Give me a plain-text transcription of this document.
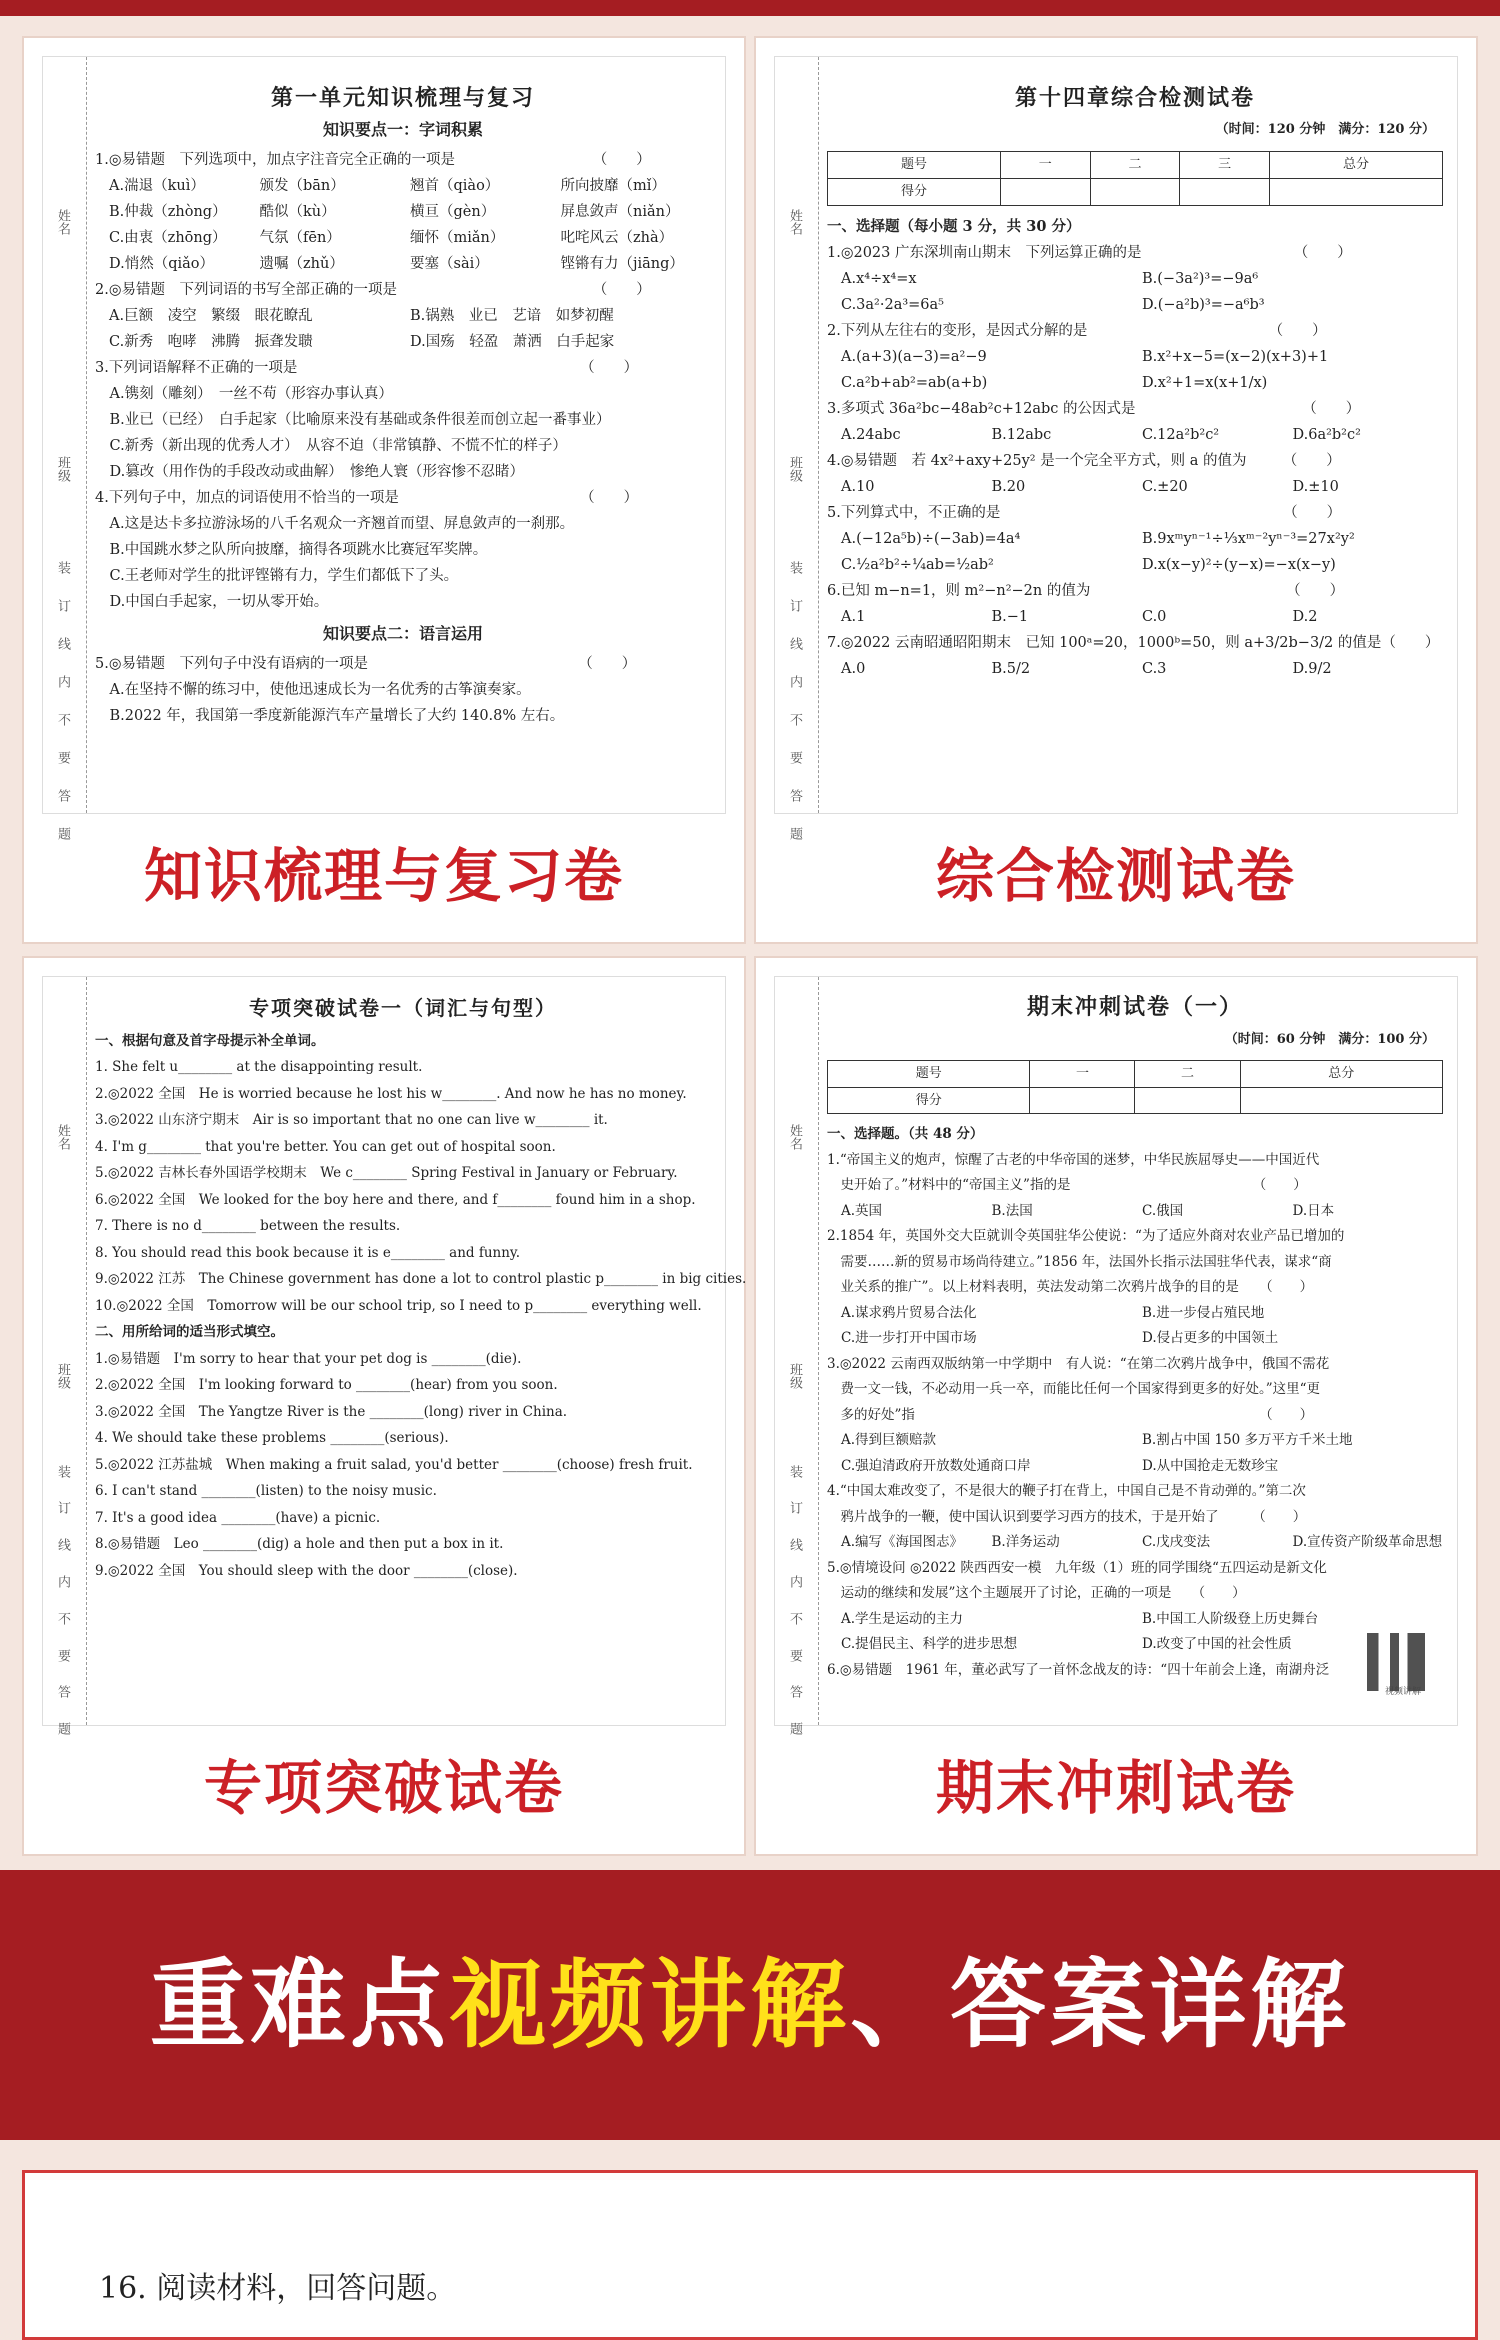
姓名
班级
装
订
线
内
不
要
答
题
第一单元知识梳理与复习
知识要点一：字词积累
1.◎易错题　下列选项中，加点字注音完全正确的一项是　　　　　　　　　　（　　）
A.湍退（kuì）	颁发（bān）	翘首（qiào）	所向披靡（mǐ）
B.仲裁（zhòng）	酷似（kù）	横亘（gèn）	屏息敛声（niǎn）
C.由衷（zhōng）	气氛（fēn）	缅怀（miǎn）	叱咤风云（zhà）
D.悄然（qiǎo）	遗嘱（zhǔ）	要塞（sài）	铿锵有力（jiāng）
2.◎易错题　下列词语的书写全部正确的一项是　　　　　　　　　　　　　　（　　）
A.巨额　凌空　繁缀　眼花瞭乱	B.锅熟　业已　艺谙　如梦初醒
C.新秀　咆哮　沸腾　振聋发聩	D.国殇　轻盈　萧洒　白手起家
3.下列词语解释不正确的一项是　　　　　　　　　　　　　　　　　　　　（　　）
　A.镌刻（雕刻）　一丝不苟（形容办事认真）
　B.业已（已经）　白手起家（比喻原来没有基础或条件很差而创立起一番事业）
　C.新秀（新出现的优秀人才）　从容不迫（非常镇静、不慌不忙的样子）
　D.篡改（用作伪的手段改动或曲解）　惨绝人寰（形容惨不忍睹）
4.下列句子中，加点的词语使用不恰当的一项是　　　　　　　　　　　　　（　　）
　A.这是达卡多拉游泳场的八千名观众一齐翘首而望、屏息敛声的一刹那。
　B.中国跳水梦之队所向披靡，摘得各项跳水比赛冠军奖牌。
　C.王老师对学生的批评铿锵有力，学生们都低下了头。
　D.中国白手起家，一切从零开始。
知识要点二：语言运用
5.◎易错题　下列句子中没有语病的一项是　　　　　　　　　　　　　　　（　　）
　A.在坚持不懈的练习中，使他迅速成长为一名优秀的古筝演奏家。
　B.2022 年，我国第一季度新能源汽车产量增长了大约 140.8% 左右。
知识梳理与复习卷
姓名
班级
装
订
线
内
不
要
答
题
第十四章综合检测试卷
（时间：120 分钟　满分：120 分）
题号	一	二	三	总分
得分				
一、选择题（每小题 3 分，共 30 分）
1.◎2023 广东深圳南山期末　下列运算正确的是　　　　　　　　　　　（　　）
A.x⁴÷x⁴=x	B.(−3a²)³=−9a⁶
C.3a²·2a³=6a⁵	D.(−a²b)³=−a⁶b³
2.下列从左往右的变形，是因式分解的是　　　　　　　　　　　　　（　　）
A.(a+3)(a−3)=a²−9	B.x²+x−5=(x−2)(x+3)+1
C.a²b+ab²=ab(a+b)	D.x²+1=x(x+1/x)
3.多项式 36a²bc−48ab²c+12abc 的公因式是　　　　　　　　　　　　（　　）
A.24abc	B.12abc	C.12a²b²c²	D.6a²b²c²
4.◎易错题　若 4x²+axy+25y² 是一个完全平方式，则 a 的值为　　　（　　）
A.10	B.20	C.±20	D.±10
5.下列算式中，不正确的是　　　　　　　　　　　　　　　　　　　　（　　）
A.(−12a⁵b)÷(−3ab)=4a⁴	B.9xᵐyⁿ⁻¹÷⅓xᵐ⁻²yⁿ⁻³=27x²y²
C.½a²b²÷¼ab=½ab²	D.x(x−y)²÷(y−x)=−x(x−y)
6.已知 m−n=1，则 m²−n²−2n 的值为　　　　　　　　　　　　　　（　　）
A.1	B.−1	C.0	D.2
7.◎2022 云南昭通昭阳期末　已知 100ᵃ=20，1000ᵇ=50，则 a+3/2b−3/2 的值是（　　）
A.0	B.5/2	C.3	D.9/2
综合检测试卷
姓名
班级
装
订
线
内
不
要
答
题
专项突破试卷一（词汇与句型）
一、根据句意及首字母提示补全单词。
1. She felt u________ at the disappointing result.
2.◎2022 全国　He is worried because he lost his w________. And now he has no money.
3.◎2022 山东济宁期末　Air is so important that no one can live w________ it.
4. I'm g________ that you're better. You can get out of hospital soon.
5.◎2022 吉林长春外国语学校期末　We c________ Spring Festival in January or February.
6.◎2022 全国　We looked for the boy here and there, and f________ found him in a shop.
7. There is no d________ between the results.
8. You should read this book because it is e________ and funny.
9.◎2022 江苏　The Chinese government has done a lot to control plastic p________ in big cities.
10.◎2022 全国　Tomorrow will be our school trip, so I need to p________ everything well.
二、用所给词的适当形式填空。
1.◎易错题　I'm sorry to hear that your pet dog is ________(die).
2.◎2022 全国　I'm looking forward to ________(hear) from you soon.
3.◎2022 全国　The Yangtze River is the ________(long) river in China.
4. We should take these problems ________(serious).
5.◎2022 江苏盐城　When making a fruit salad, you'd better ________(choose) fresh fruit.
6. I can't stand ________(listen) to the noisy music.
7. It's a good idea ________(have) a picnic.
8.◎易错题　Leo ________(dig) a hole and then put a box in it.
9.◎2022 全国　You should sleep with the door ________(close).
专项突破试卷
姓名
班级
装
订
线
内
不
要
答
题
期末冲刺试卷（一）
（时间：60 分钟　满分：100 分）
题号	一	二	总分
得分			
一、选择题。（共 48 分）
1.“帝国主义的炮声，惊醒了古老的中华帝国的迷梦，中华民族屈辱史——中国近代
　史开始了。”材料中的“帝国主义”指的是　　　　　　　　　　　　　　（　　）
A.英国	B.法国	C.俄国	D.日本
2.1854 年，英国外交大臣就训令英国驻华公使说：“为了适应外商对农业产品已增加的
　需要……新的贸易市场尚待建立。”1856 年，法国外长指示法国驻华代表，谋求“商
　业关系的推广”。以上材料表明，英法发动第二次鸦片战争的目的是　　（　　）
A.谋求鸦片贸易合法化	B.进一步侵占殖民地
C.进一步打开中国市场	D.侵占更多的中国领土
3.◎2022 云南西双版纳第一中学期中　有人说：“在第二次鸦片战争中，俄国不需花
　费一文一钱，不必动用一兵一卒，而能比任何一个国家得到更多的好处。”这里“更
　多的好处”指　　　　　　　　　　　　　　　　　　　　　　　　　　（　　）
A.得到巨额赔款	B.割占中国 150 多万平方千米土地
C.强迫清政府开放数处通商口岸	D.从中国抢走无数珍宝
4.“中国太难改变了，不是很大的鞭子打在背上，中国自己是不肯动弹的。”第二次
　鸦片战争的一鞭，使中国认识到要学习西方的技术，于是开始了　　　（　　）
A.编写《海国图志》	B.洋务运动	C.戊戌变法	D.宣传资产阶级革命思想
5.◎情境设问 ◎2022 陕西西安一模　九年级（1）班的同学围绕“五四运动是新文化
　运动的继续和发展”这个主题展开了讨论，正确的一项是　　（　　）
A.学生是运动的主力	B.中国工人阶级登上历史舞台
C.提倡民主、科学的进步思想	D.改变了中国的社会性质
6.◎易错题　1961 年，董必武写了一首怀念战友的诗：“四十年前会上逢，南湖舟泛
视频讲解
期末冲刺试卷
重难点视频讲解、答案详解
16. 阅读材料，回答问题。
